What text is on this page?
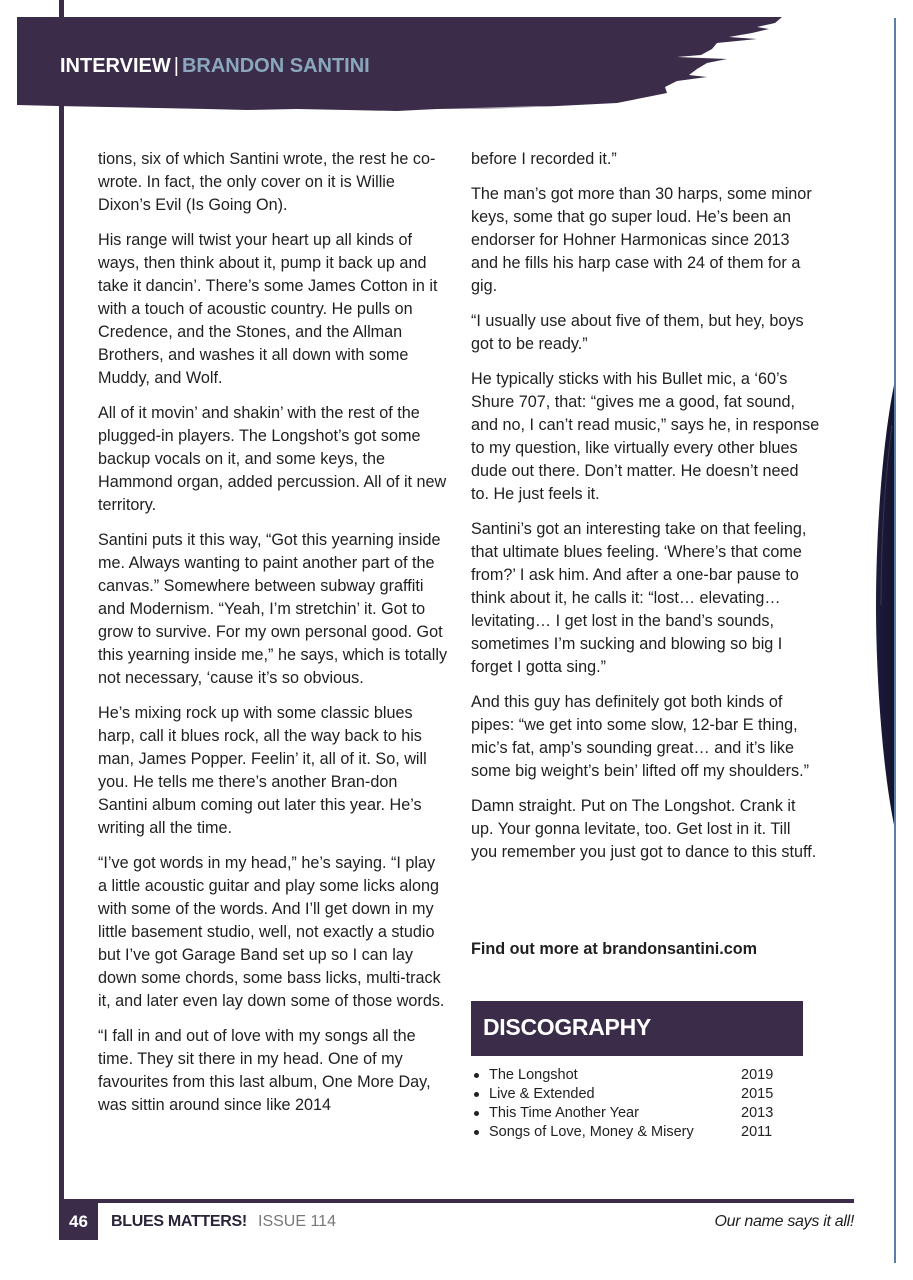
INTERVIEW | BRANDON SANTINI

tions, six of which Santini wrote, the rest he co-wrote. In fact, the only cover on it is Willie Dixon’s Evil (Is Going On).

His range will twist your heart up all kinds of ways, then think about it, pump it back up and take it dancin’. There’s some James Cotton in it with a touch of acoustic country. He pulls on Credence, and the Stones, and the Allman Brothers, and washes it all down with some Muddy, and Wolf.

All of it movin’ and shakin’ with the rest of the plugged-in players. The Longshot’s got some backup vocals on it, and some keys, the Hammond organ, added percussion. All of it new territory.

Santini puts it this way, “Got this yearning inside me. Always wanting to paint another part of the canvas.” Somewhere between subway graffiti and Modernism. “Yeah, I’m stretchin’ it. Got to grow to survive. For my own personal good. Got this yearning inside me,” he says, which is totally not necessary, ‘cause it’s so obvious.

He’s mixing rock up with some classic blues harp, call it blues rock, all the way back to his man, James Popper. Feelin’ it, all of it. So, will you. He tells me there’s another Bran-don Santini album coming out later this year. He’s writing all the time.

“I’ve got words in my head,” he’s saying. “I play a little acoustic guitar and play some licks along with some of the words. And I’ll get down in my little basement studio, well, not exactly a studio but I’ve got Garage Band set up so I can lay down some chords, some bass licks, multi-track it, and later even lay down some of those words.

“I fall in and out of love with my songs all the time. They sit there in my head. One of my favourites from this last album, One More Day, was sittin around since like 2014

before I recorded it.”

The man’s got more than 30 harps, some minor keys, some that go super loud. He’s been an endorser for Hohner Harmonicas since 2013 and he fills his harp case with 24 of them for a gig.

“I usually use about five of them, but hey, boys got to be ready.”

He typically sticks with his Bullet mic, a ‘60’s Shure 707, that: “gives me a good, fat sound, and no, I can’t read music,” says he, in response to my question, like virtually every other blues dude out there. Don’t matter. He doesn’t need to. He just feels it.

Santini’s got an interesting take on that feeling, that ultimate blues feeling. ‘Where’s that come from?’ I ask him. And after a one-bar pause to think about it, he calls it: “lost… elevating… levitating… I get lost in the band’s sounds, sometimes I’m sucking and blowing so big I forget I gotta sing.”

And this guy has definitely got both kinds of pipes: “we get into some slow, 12-bar E thing, mic’s fat, amp’s sounding great… and it’s like some big weight’s bein’ lifted off my shoulders.”

Damn straight. Put on The Longshot. Crank it up. Your gonna levitate, too. Get lost in it. Till you remember you just got to dance to this stuff.

Find out more at brandonsantini.com
DISCOGRAPHY
The Longshot	2019
Live & Extended	2015
This Time Another Year	2013
Songs of Love, Money & Misery	2011
46	BLUES MATTERS! ISSUE 114	Our name says it all!
